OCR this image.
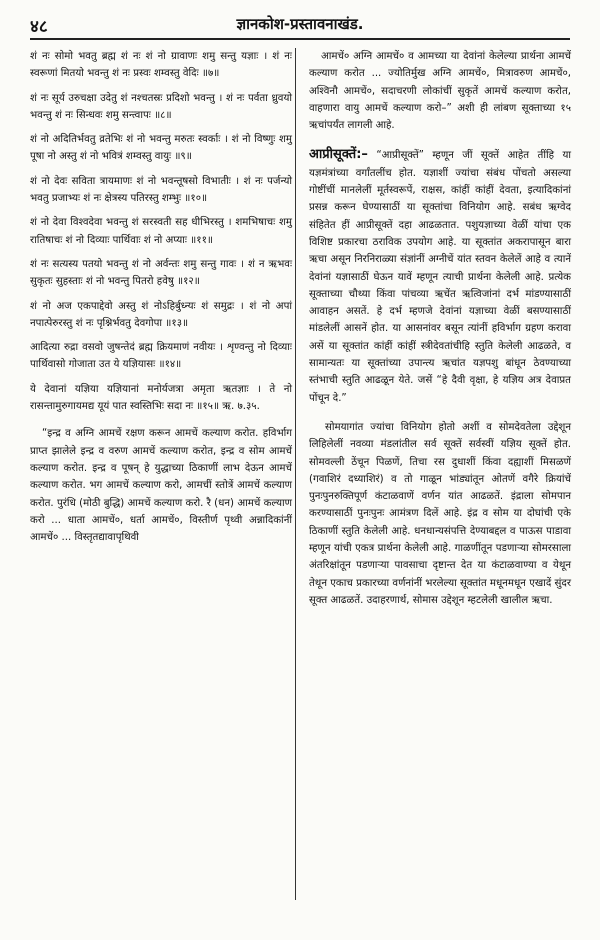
४८	ज्ञानकोश-प्रस्तावनाखंड.

शं नः सोमो भवतु ब्रह्म शं नः शं नो ग्रावाणः शमु सन्तु यज्ञाः । शं नः स्वरूणां मितयो भवन्तु शं नः प्रस्वः शम्वस्तु वेदिः ॥७॥

शं नः सूर्य उरुचक्षा उदेतु शं नश्चतस्रः प्रदिशो भवन्तु । शं नः पर्वता ध्रुवयो भवन्तु शं नः सिन्धवः शमु सन्त्वापः ॥८॥

शं नो अदितिर्भवतु व्रतेभिः शं नो भवन्तु मरुतः स्वर्काः । शं नो विष्णुः शमु पूषा नो अस्तु शं नो भवित्रं शम्वस्तु वायुः ॥९॥

शं नो देवः सविता त्रायमाणः शं नो भवन्तूषसो विभातीः । शं नः पर्जन्यो भवतु प्रजाभ्यः शं नः क्षेत्रस्य पतिरस्तु शम्भुः ॥१०॥

शं नो देवा विश्वदेवा भवन्तु शं सरस्वती सह धीभिरस्तु । शमभिषाचः शमु रातिषाचः शं नो दिव्याः पार्थिवाः शं नो अप्याः ॥११॥

शं नः सत्यस्य पतयो भवन्तु शं नो अर्वन्तः शमु सन्तु गावः । शं न ऋभवः सुकृतः सुहस्ताः शं नो भवन्तु पितरो हवेषु ॥१२॥

शं नो अज एकपाद्देवो अस्तु शं नोऽहिर्बुध्न्यः शं समुद्रः । शं नो अपां नपात्पेरुरस्तु शं नः पृश्निर्भवतु देवगोपा ॥१३॥

आदित्या रुद्रा वसवो जुषन्तेदं ब्रह्म क्रियमाणं नवीयः । शृण्वन्तु नो दिव्याः पार्थिवासो गोजाता उत ये यज्ञियासः ॥१४॥

ये देवानां यज्ञिया यज्ञियानां मनोर्यजत्रा अमृता ऋतज्ञाः । ते नो रासन्तामुरुगायमद्य यूयं पात स्वस्तिभिः सदा नः ॥१५॥ ऋ. ७.३५.

“इन्द्र व अग्नि आमचें रक्षण करून आमचें कल्याण करोत. हविर्भाग प्राप्त झालेले इन्द्र व वरुण आमचें कल्याण करोत, इन्द्र व सोम आमचें कल्याण करोत. इन्द्र व पूषन् हे युद्धाच्या ठिकाणीं लाभ देऊन आमचें कल्याण करोत. भग आमचें कल्याण करो, आमचीं स्तोत्रें आमचें कल्याण करोत. पुरंधि (मोठी बुद्धि) आमचें कल्याण करो. रै (धन) आमचें कल्याण करो ... धाता आमचें०, धर्ता आमचें०, विस्तीर्ण पृथ्वी अन्नादिकांनीं आमचें० ... विस्तृतद्यावापृथिवी

आमचें० अग्नि आमचें० व आमच्या या देवांनां केलेल्या प्रार्थना आमचें कल्याण करोत ... ज्योतिर्मुख अग्नि आमचें०, मित्रावरुण आमचें०, अश्विनौ आमचें०, सदाचरणी लोकांचीं सुकृतें आमचें कल्याण करोत, वाहणारा वायु आमचें कल्याण करो–” अशी ही लांबण सूक्ताच्या १५ ऋचांपर्यंत लागली आहे.

आप्रीसूक्तें:– “आप्रीसूक्तें” म्हणून जीं सूक्तें आहेत तींहि या यज्ञमंत्रांच्या वर्गांतलींच होत. यज्ञाशीं ज्यांचा संबंध पोंचतो असल्या गोष्टींचीं मानलेलीं मूर्तस्वरूपें, राक्षस, कांहीं कांहीं देवता, इत्यादिकांनां प्रसन्न करून घेण्यासाठीं या सूक्तांचा विनियोग आहे. सबंध ऋग्वेद संहितेत हीं आप्रीसूक्तें दहा आढळतात. पशुयज्ञाच्या वेळीं यांचा एक विशिष्ट प्रकारचा ठराविक उपयोग आहे. या सूक्तांत अकरापासून बारा ऋचा असून निरनिराळ्या संज्ञांनीं अग्नीचें यांत स्तवन केलेलें आहे व त्यानें देवांनां यज्ञासाठीं घेऊन यावें म्हणून त्याची प्रार्थना केलेली आहे. प्रत्येक सूक्ताच्या चौथ्या किंवा पांचव्या ऋचेंत ऋत्विजांनां दर्भ मांडण्यासाठीं आवाहन असतें. हे दर्भ म्हणजे देवांनां यज्ञाच्या वेळीं बसण्यासाठीं मांडलेलीं आसनें होत. या आसनांवर बसून त्यांनीं हविर्भाग ग्रहण करावा असें या सूक्तांत कांहीं कांहीं स्त्रीदेवतांचीहि स्तुति केलेली आढळते, व सामान्यतः या सूक्तांच्या उपान्त्य ऋचांत यज्ञपशु बांधून ठेवण्याच्या स्तंभाची स्तुति आढळून येते. जसें “हे दैवी वृक्षा, हे यज्ञिय अत्र देवाप्रत पोंचून दे.”

सोमयागांत ज्यांचा विनियोग होतो अशीं व सोमदेवतेला उद्देशून लिहिलेलीं नवव्या मंडलांतील सर्व सूक्तें सर्वस्वीं यज्ञिय सूक्तें होत. सोमवल्ली ठेंचून पिळणें, तिचा रस दुधाशीं किंवा दह्याशीं मिसळणें (गवाशिरं दध्याशिरं) व तो गाळून भांड्यांतून ओतणें वगैरे क्रियांचें पुनःपुनरुक्तिपूर्ण कंटाळवाणें वर्णन यांत आढळतें. इंद्राला सोमपान करण्यासाठीं पुनःपुनः आमंत्रण दिलें आहे. इंद्र व सोम या दोघांची एके ठिकाणीं स्तुति केलेली आहे. धनधान्यसंपत्ति देण्याबद्दल व पाऊस पाडावा म्हणून यांची एकत्र प्रार्थना केलेली आहे. गाळणींतून पडणाऱ्या सोमरसाला अंतरिक्षांतून पडणाऱ्या पावसाचा दृष्टान्त देत या कंटाळवाण्या व येथून तेथून एकाच प्रकारच्या वर्णनांनीं भरलेल्या सूक्तांत मधूनमधून एखादें सुंदर सूक्त आढळतें. उदाहरणार्थ, सोमास उद्देशून म्हटलेली खालील ऋचा.
